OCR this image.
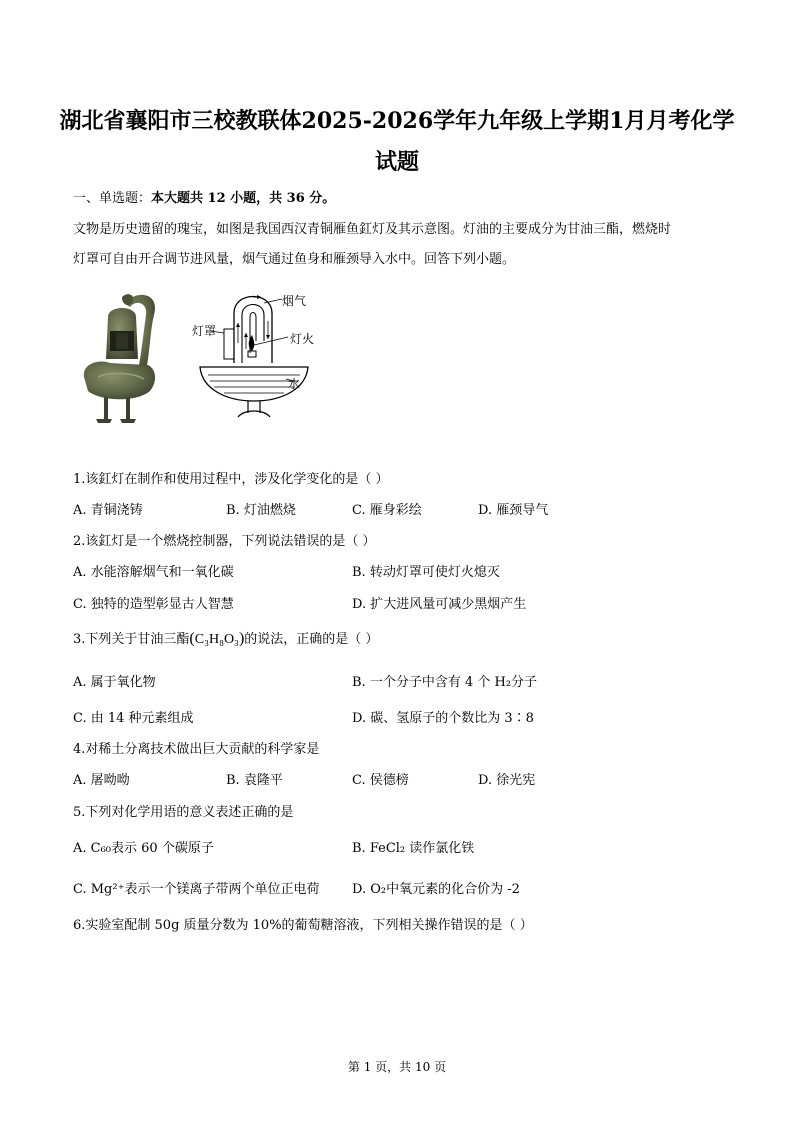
湖北省襄阳市三校教联体2025-2026学年九年级上学期1月月考化学
试题
一、单选题：本大题共 12 小题，共 36 分。
文物是历史遗留的瑰宝，如图是我国西汉青铜雁鱼釭灯及其示意图。灯油的主要成分为甘油三酯，燃烧时
灯罩可自由开合调节进风量，烟气通过鱼身和雁颈导入水中。回答下列小题。
烟气
灯罩
灯火
水
1.该釭灯在制作和使用过程中，涉及化学变化的是（ ）
A. 青铜浇铸	B. 灯油燃烧	C. 雁身彩绘	D. 雁颈导气
2.该釭灯是一个燃烧控制器，下列说法错误的是（ ）
A. 水能溶解烟气和一氧化碳	B. 转动灯罩可使灯火熄灭
C. 独特的造型彰显古人智慧	D. 扩大进风量可减少黑烟产生
3.下列关于甘油三酯(C₃H₈O₃)的说法，正确的是（ ）
A. 属于氧化物	B. 一个分子中含有 4 个 H₂分子
C. 由 14 种元素组成	D. 碳、氢原子的个数比为 3∶8
4.对稀土分离技术做出巨大贡献的科学家是
A. 屠呦呦	B. 袁隆平	C. 侯德榜	D. 徐光宪
5.下列对化学用语的意义表述正确的是
A. C₆₀表示 60 个碳原子	B. FeCl₂ 读作氯化铁
C. Mg²⁺表示一个镁离子带两个单位正电荷	D. O₂中氧元素的化合价为 -2
6.实验室配制 50g 质量分数为 10%的葡萄糖溶液，下列相关操作错误的是（ ）
第 1 页，共 10 页
